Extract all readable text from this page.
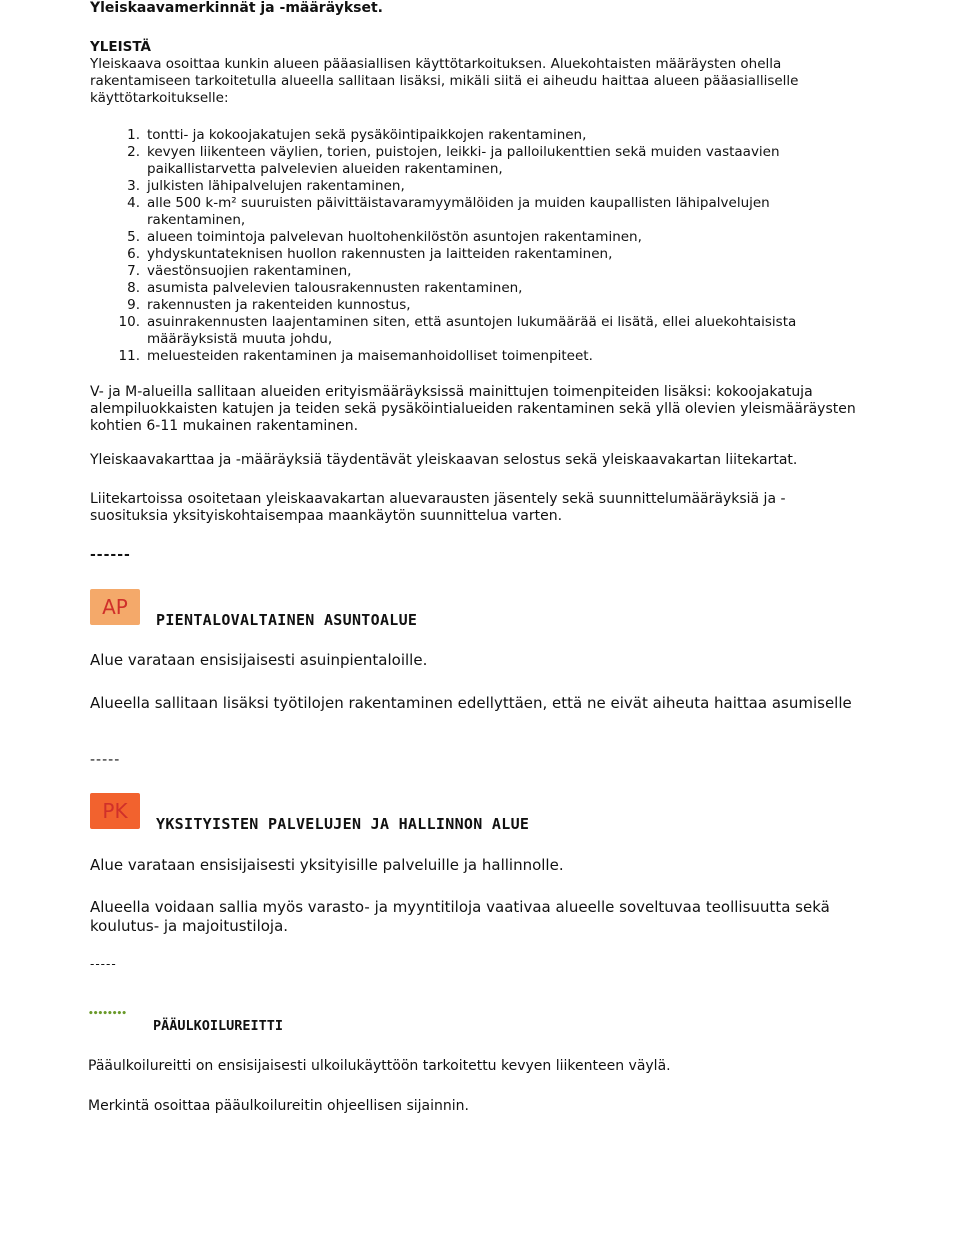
Yleiskaavamerkinnät ja -määräykset.
YLEISTÄ
Yleiskaava osoittaa kunkin alueen pääasiallisen käyttötarkoituksen. Aluekohtaisten määräysten ohella rakentamiseen tarkoitetulla alueella sallitaan lisäksi, mikäli siitä ei aiheudu haittaa alueen pääasialliselle käyttötarkoitukselle:
1. tontti- ja kokoojakatujen sekä pysäköintipaikkojen rakentaminen,
2. kevyen liikenteen väylien, torien, puistojen, leikki- ja palloilukenttien sekä muiden vastaavien paikallistarvetta palvelevien alueiden rakentaminen,
3. julkisten lähipalvelujen rakentaminen,
4. alle 500 k-m² suuruisten päivittäistavaramyymälöiden ja muiden kaupallisten lähipalvelujen rakentaminen,
5. alueen toimintoja palvelevan huoltohenkilöstön asuntojen rakentaminen,
6. yhdyskuntateknisen huollon rakennusten ja laitteiden rakentaminen,
7. väestönsuojien rakentaminen,
8. asumista palvelevien talousrakennusten rakentaminen,
9. rakennusten ja rakenteiden kunnostus,
10. asuinrakennusten laajentaminen siten, että asuntojen lukumäärää ei lisätä, ellei aluekohtaisista määräyksistä muuta johdu,
11. meluesteiden rakentaminen ja maisemanhoidolliset toimenpiteet.
V- ja M-alueilla sallitaan alueiden erityismääräyksissä mainittujen toimenpiteiden lisäksi: kokoojakatuja alempiluokkaisten katujen ja teiden sekä pysäköintialueiden rakentaminen sekä yllä olevien yleismääräysten kohtien 6-11 mukainen rakentaminen.
Yleiskaavakarttaa ja -määräyksiä täydentävät yleiskaavan selostus sekä yleiskaavakartan liitekartat.
Liitekartoissa osoitetaan yleiskaavakartan aluevarausten jäsentely sekä suunnittelumääräyksiä ja -suosituksia yksityiskohtaisempaa maankäytön suunnittelua varten.
------
AP
PIENTALOVALTAINEN ASUNTOALUE
Alue varataan ensisijaisesti asuinpientaloille.
Alueella sallitaan lisäksi työtilojen rakentaminen edellyttäen, että ne eivät aiheuta haittaa asumiselle
-----
PK
YKSITYISTEN PALVELUJEN JA HALLINNON ALUE
Alue varataan ensisijaisesti yksityisille palveluille ja hallinnolle.
Alueella voidaan sallia myös varasto- ja myyntitiloja vaativaa alueelle soveltuvaa teollisuutta sekä koulutus- ja majoitustiloja.
-----
••••••••
PÄÄULKOILUREITTI
Pääulkoilureitti on ensisijaisesti ulkoilukäyttöön tarkoitettu kevyen liikenteen väylä.
Merkintä osoittaa pääulkoilureitin ohjeellisen sijainnin.
